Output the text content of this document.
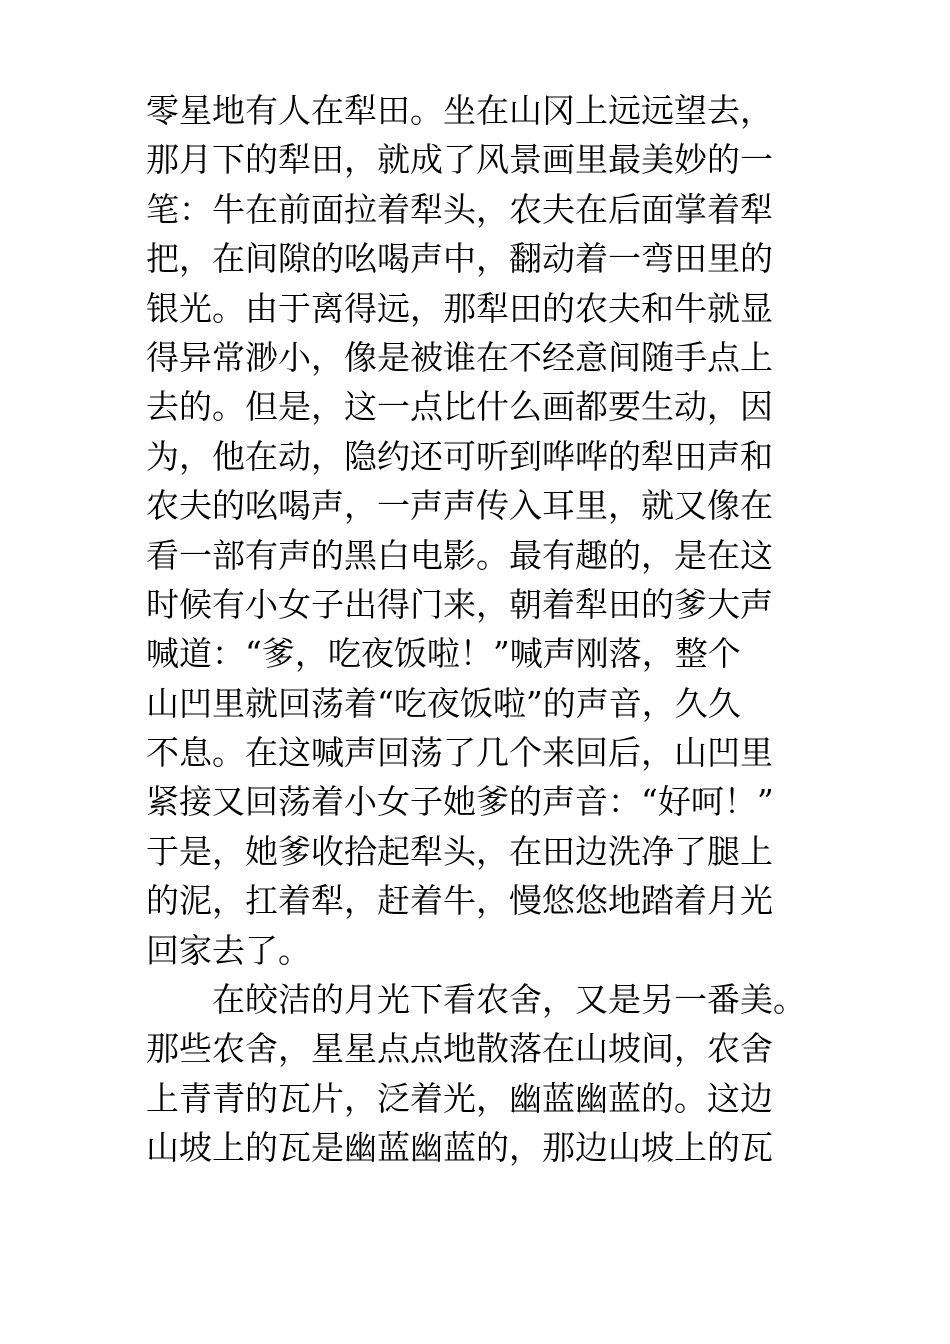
零星地有人在犁田。坐在山冈上远远望去，
那月下的犁田，就成了风景画里最美妙的一
笔：牛在前面拉着犁头，农夫在后面掌着犁
把，在间隙的吆喝声中，翻动着一弯田里的
银光。由于离得远，那犁田的农夫和牛就显
得异常渺小，像是被谁在不经意间随手点上
去的。但是，这一点比什么画都要生动，因
为，他在动，隐约还可听到哗哗的犁田声和
农夫的吆喝声，一声声传入耳里，就又像在
看一部有声的黑白电影。最有趣的，是在这
时候有小女子出得门来，朝着犁田的爹大声
喊道：“爹，吃夜饭啦！”喊声刚落，整个
山凹里就回荡着“吃夜饭啦”的声音，久久
不息。在这喊声回荡了几个来回后，山凹里
紧接又回荡着小女子她爹的声音：“好呵！”
于是，她爹收拾起犁头，在田边洗净了腿上
的泥，扛着犁，赶着牛，慢悠悠地踏着月光
回家去了。
在皎洁的月光下看农舍，又是另一番美。
那些农舍，星星点点地散落在山坡间，农舍
上青青的瓦片，泛着光，幽蓝幽蓝的。这边
山坡上的瓦是幽蓝幽蓝的，那边山坡上的瓦
